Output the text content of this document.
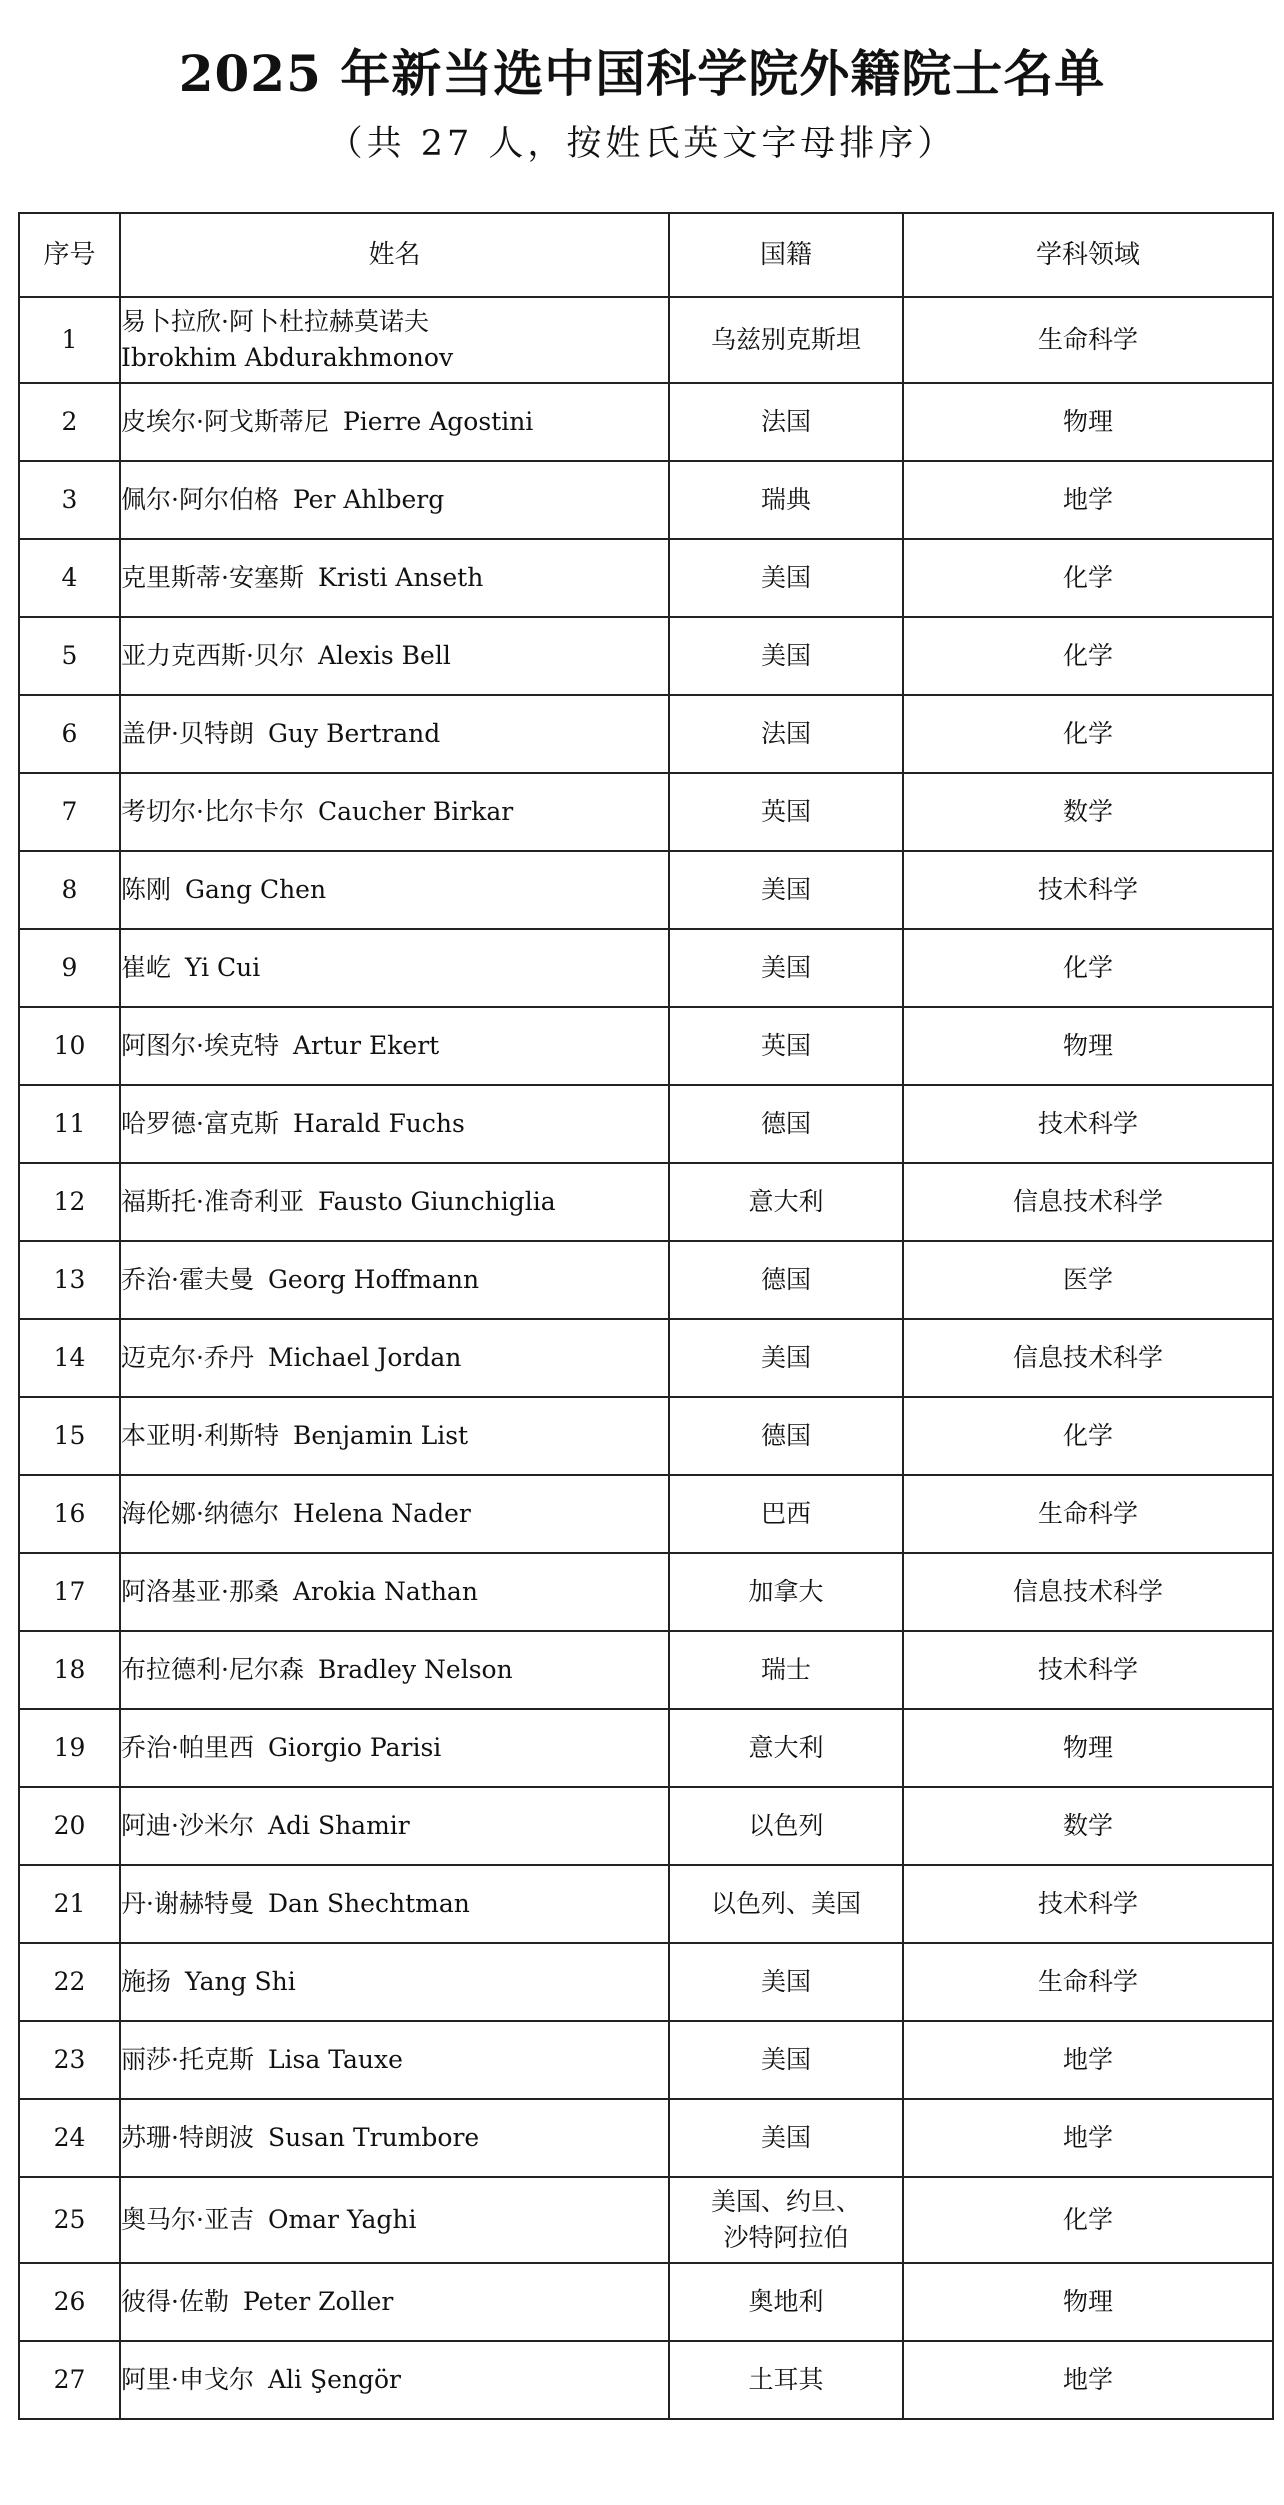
2025 年新当选中国科学院外籍院士名单
（共 27 人，按姓氏英文字母排序）
序号	姓名	国籍	学科领域
1	易卜拉欣·阿卜杜拉赫莫诺夫
Ibrokhim Abdurakhmonov	乌兹别克斯坦	生命科学
2	皮埃尔·阿戈斯蒂尼 Pierre Agostini	法国	物理
3	佩尔·阿尔伯格 Per Ahlberg	瑞典	地学
4	克里斯蒂·安塞斯 Kristi Anseth	美国	化学
5	亚力克西斯·贝尔 Alexis Bell	美国	化学
6	盖伊·贝特朗 Guy Bertrand	法国	化学
7	考切尔·比尔卡尔 Caucher Birkar	英国	数学
8	陈刚 Gang Chen	美国	技术科学
9	崔屹 Yi Cui	美国	化学
10	阿图尔·埃克特 Artur Ekert	英国	物理
11	哈罗德·富克斯 Harald Fuchs	德国	技术科学
12	福斯托·准奇利亚 Fausto Giunchiglia	意大利	信息技术科学
13	乔治·霍夫曼 Georg Hoffmann	德国	医学
14	迈克尔·乔丹 Michael Jordan	美国	信息技术科学
15	本亚明·利斯特 Benjamin List	德国	化学
16	海伦娜·纳德尔 Helena Nader	巴西	生命科学
17	阿洛基亚·那桑 Arokia Nathan	加拿大	信息技术科学
18	布拉德利·尼尔森 Bradley Nelson	瑞士	技术科学
19	乔治·帕里西 Giorgio Parisi	意大利	物理
20	阿迪·沙米尔 Adi Shamir	以色列	数学
21	丹·谢赫特曼 Dan Shechtman	以色列、美国	技术科学
22	施扬 Yang Shi	美国	生命科学
23	丽莎·托克斯 Lisa Tauxe	美国	地学
24	苏珊·特朗波 Susan Trumbore	美国	地学
25	奥马尔·亚吉 Omar Yaghi	美国、约旦、
沙特阿拉伯	化学
26	彼得·佐勒 Peter Zoller	奥地利	物理
27	阿里·申戈尔 Ali Şengör	土耳其	地学
